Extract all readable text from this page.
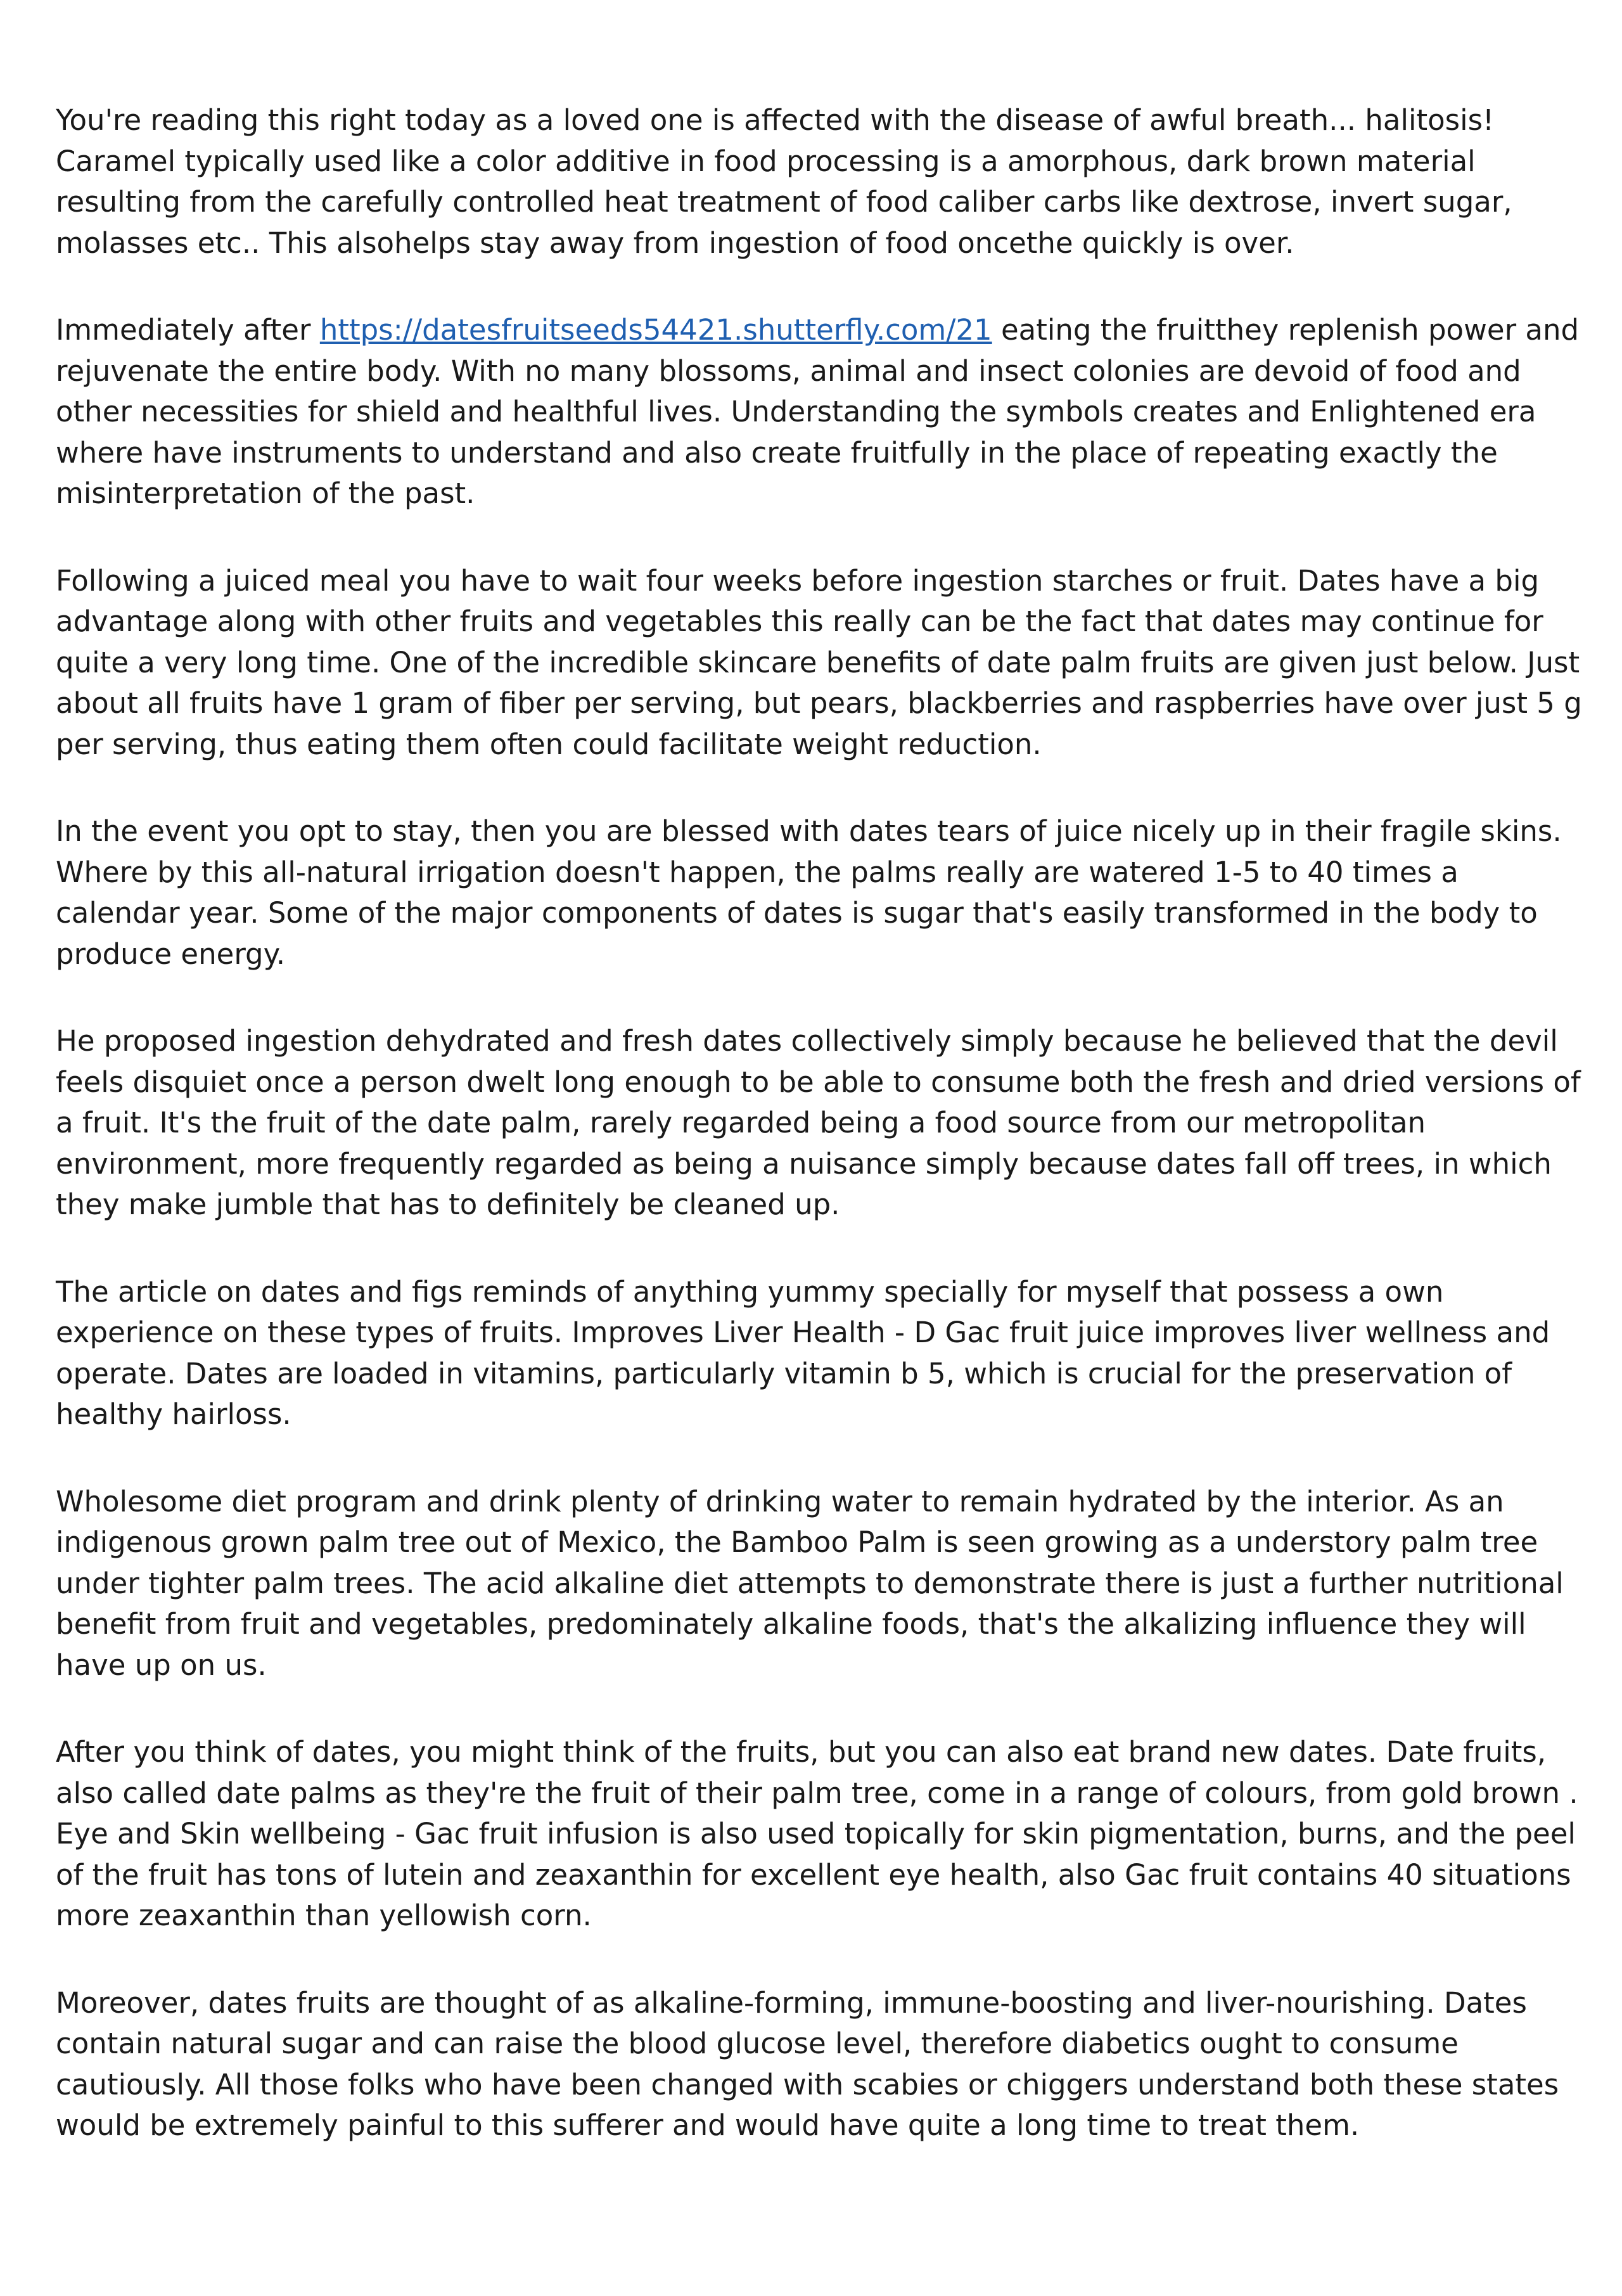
You're reading this right today as a loved one is affected with the disease of awful breath... halitosis! Caramel typically used like a color additive in food processing is a amorphous, dark brown material resulting from the carefully controlled heat treatment of food caliber carbs like dextrose, invert sugar, molasses etc.. This alsohelps stay away from ingestion of food oncethe quickly is over.

Immediately after https://datesfruitseeds54421.shutterfly.com/21 eating the fruitthey replenish power and rejuvenate the entire body. With no many blossoms, animal and insect colonies are devoid of food and other necessities for shield and healthful lives. Understanding the symbols creates and Enlightened era where have instruments to understand and also create fruitfully in the place of repeating exactly the misinterpretation of the past.

Following a juiced meal you have to wait four weeks before ingestion starches or fruit. Dates have a big advantage along with other fruits and vegetables this really can be the fact that dates may continue for quite a very long time. One of the incredible skincare benefits of date palm fruits are given just below. Just about all fruits have 1 gram of fiber per serving, but pears, blackberries and raspberries have over just 5 g per serving, thus eating them often could facilitate weight reduction.

In the event you opt to stay, then you are blessed with dates tears of juice nicely up in their fragile skins. Where by this all-natural irrigation doesn't happen, the palms really are watered 1-5 to 40 times a calendar year. Some of the major components of dates is sugar that's easily transformed in the body to produce energy.

He proposed ingestion dehydrated and fresh dates collectively simply because he believed that the devil feels disquiet once a person dwelt long enough to be able to consume both the fresh and dried versions of a fruit. It's the fruit of the date palm, rarely regarded being a food source from our metropolitan environment, more frequently regarded as being a nuisance simply because dates fall off trees, in which they make jumble that has to definitely be cleaned up.

The article on dates and figs reminds of anything yummy specially for myself that possess a own experience on these types of fruits. Improves Liver Health - D Gac fruit juice improves liver wellness and operate. Dates are loaded in vitamins, particularly vitamin b 5, which is crucial for the preservation of healthy hairloss.

Wholesome diet program and drink plenty of drinking water to remain hydrated by the interior. As an indigenous grown palm tree out of Mexico, the Bamboo Palm is seen growing as a understory palm tree under tighter palm trees. The acid alkaline diet attempts to demonstrate there is just a further nutritional benefit from fruit and vegetables, predominately alkaline foods, that's the alkalizing influence they will have up on us.

After you think of dates, you might think of the fruits, but you can also eat brand new dates. Date fruits, also called date palms as they're the fruit of their palm tree, come in a range of colours, from gold brown . Eye and Skin wellbeing - Gac fruit infusion is also used topically for skin pigmentation, burns, and the peel of the fruit has tons of lutein and zeaxanthin for excellent eye health, also Gac fruit contains 40 situations more zeaxanthin than yellowish corn.

Moreover, dates fruits are thought of as alkaline-forming, immune-boosting and liver-nourishing. Dates contain natural sugar and can raise the blood glucose level, therefore diabetics ought to consume cautiously. All those folks who have been changed with scabies or chiggers understand both these states would be extremely painful to this sufferer and would have quite a long time to treat them.
